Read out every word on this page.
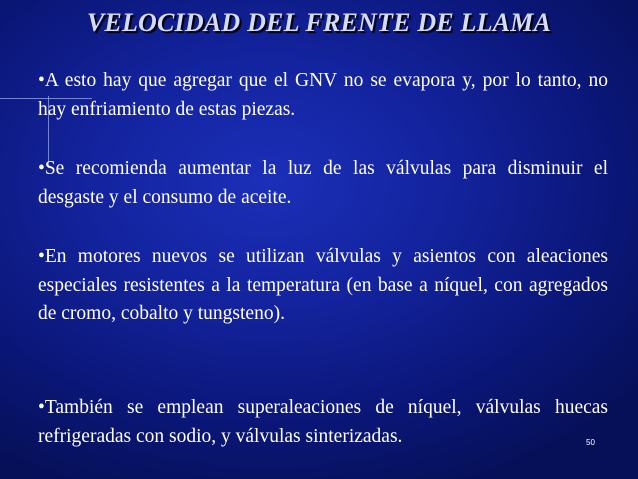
VELOCIDAD DEL FRENTE DE LLAMA

•A esto hay que agregar que el GNV no se evapora y, por lo tanto, no hay enfriamiento de estas piezas.

•Se recomienda aumentar la luz de las válvulas para disminuir el desgaste y el consumo de aceite.

•En motores nuevos se utilizan válvulas y asientos con aleaciones especiales resistentes a la temperatura (en base a níquel, con agregados de cromo, cobalto y tungsteno).

•También se emplean superaleaciones de níquel, válvulas huecas refrigeradas con sodio, y válvulas sinterizadas.	50
